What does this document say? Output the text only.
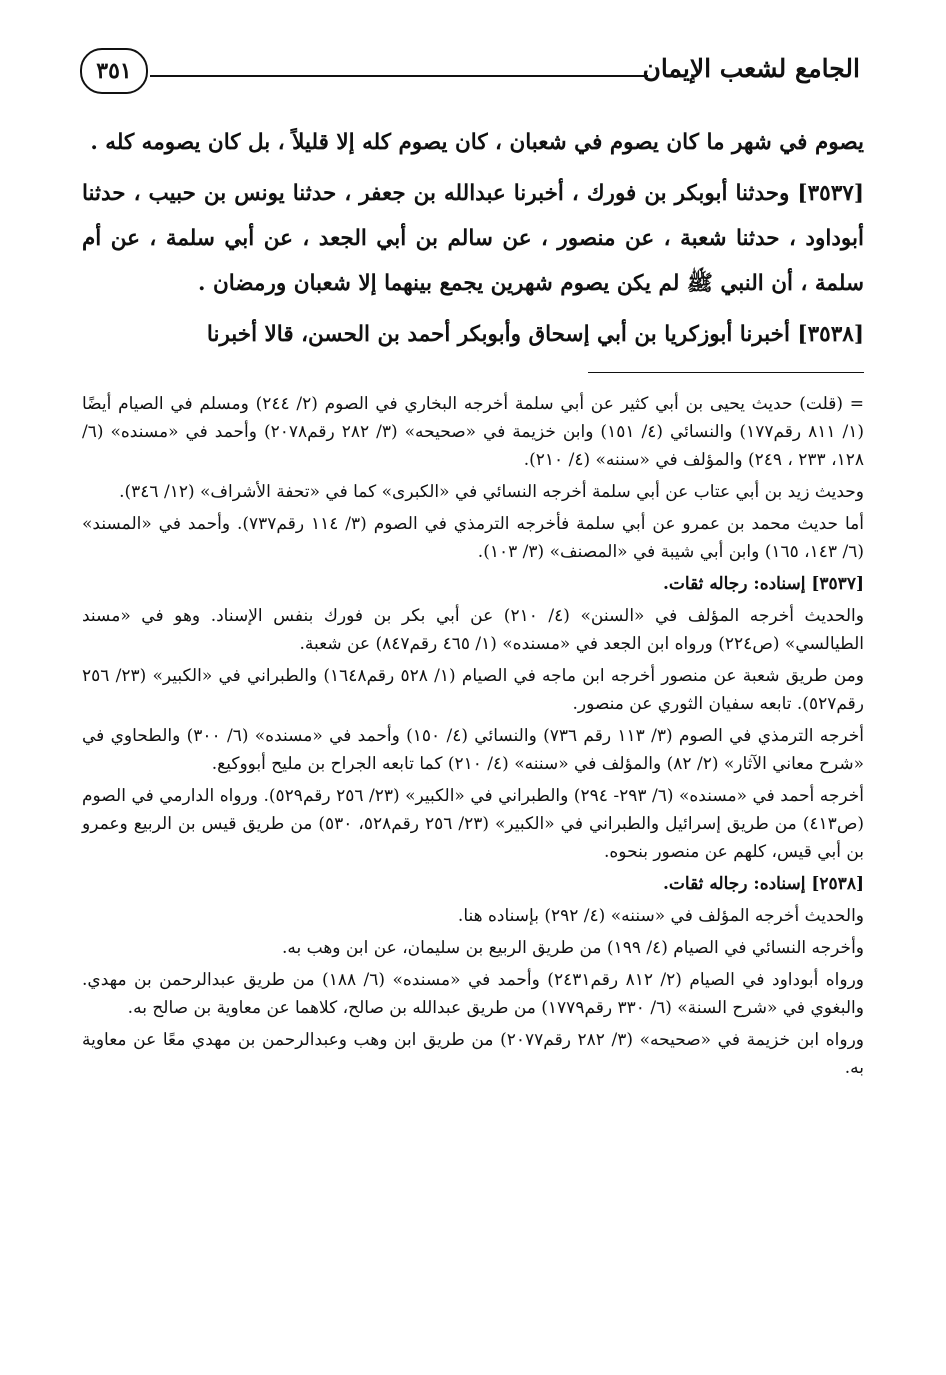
الجامع لشعب الإيمان
٣٥١

يصوم في شهر ما كان يصوم في شعبان ، كان يصوم كله إلا قليلاً ، بل كان يصومه كله .

[٣٥٣٧] وحدثنا أبوبكر بن فورك ، أخبرنا عبدالله بن جعفر ، حدثنا يونس بن حبيب ، حدثنا أبوداود ، حدثنا شعبة ، عن منصور ، عن سالم بن أبي الجعد ، عن أبي سلمة ، عن أم سلمة ، أن النبي ﷺ لم يكن يصوم شهرين يجمع بينهما إلا شعبان ورمضان .

[٣٥٣٨] أخبرنا أبوزكريا بن أبي إسحاق وأبوبكر أحمد بن الحسن، قالا أخبرنا

= (قلت) حديث يحيى بن أبي كثير عن أبي سلمة أخرجه البخاري في الصوم (٢/ ٢٤٤) ومسلم في الصيام أيضًا (١/ ٨١١ رقم١٧٧) والنسائي (٤/ ١٥١) وابن خزيمة في «صحيحه» (٣/ ٢٨٢ رقم٢٠٧٨) وأحمد في «مسنده» (٦/ ١٢٨، ٢٣٣ ، ٢٤٩) والمؤلف في «سننه» (٤/ ٢١٠).

وحديث زيد بن أبي عتاب عن أبي سلمة أخرجه النسائي في «الكبرى» كما في «تحفة الأشراف» (١٢/ ٣٤٦).

أما حديث محمد بن عمرو عن أبي سلمة فأخرجه الترمذي في الصوم (٣/ ١١٤ رقم٧٣٧). وأحمد في «المسند» (٦/ ١٤٣، ١٦٥) وابن أبي شيبة في «المصنف» (٣/ ١٠٣).

[٣٥٣٧] إسناده: رجاله ثقات.

والحديث أخرجه المؤلف في «السنن» (٤/ ٢١٠) عن أبي بكر بن فورك بنفس الإسناد. وهو في «مسند الطيالسي» (ص٢٢٤) ورواه ابن الجعد في «مسنده» (١/ ٤٦٥ رقم٨٤٧) عن شعبة.

ومن طريق شعبة عن منصور أخرجه ابن ماجه في الصيام (١/ ٥٢٨ رقم١٦٤٨) والطبراني في «الكبير» (٢٣/ ٢٥٦ رقم٥٢٧). تابعه سفيان الثوري عن منصور.

أخرجه الترمذي في الصوم (٣/ ١١٣ رقم ٧٣٦) والنسائي (٤/ ١٥٠) وأحمد في «مسنده» (٦/ ٣٠٠) والطحاوي في «شرح معاني الآثار» (٢/ ٨٢) والمؤلف في «سننه» (٤/ ٢١٠) كما تابعه الجراح بن مليح أبووكيع.

أخرجه أحمد في «مسنده» (٦/ ٢٩٣- ٢٩٤) والطبراني في «الكبير» (٢٣/ ٢٥٦ رقم٥٢٩). ورواه الدارمي في الصوم (ص٤١٣) من طريق إسرائيل والطبراني في «الكبير» (٢٣/ ٢٥٦ رقم٥٢٨، ٥٣٠) من طريق قيس بن الربيع وعمرو بن أبي قيس، كلهم عن منصور بنحوه.

[٢٥٣٨] إسناده: رجاله ثقات.

والحديث أخرجه المؤلف في «سننه» (٤/ ٢٩٢) بإسناده هنا.

وأخرجه النسائي في الصيام (٤/ ١٩٩) من طريق الربيع بن سليمان، عن ابن وهب به.

ورواه أبوداود في الصيام (٢/ ٨١٢ رقم٢٤٣١) وأحمد في «مسنده» (٦/ ١٨٨) من طريق عبدالرحمن بن مهدي. والبغوي في «شرح السنة» (٦/ ٣٣٠ رقم١٧٧٩) من طريق عبدالله بن صالح، كلاهما عن معاوية بن صالح به.

ورواه ابن خزيمة في «صحيحه» (٣/ ٢٨٢ رقم٢٠٧٧) من طريق ابن وهب وعبدالرحمن بن مهدي معًا عن معاوية به.
